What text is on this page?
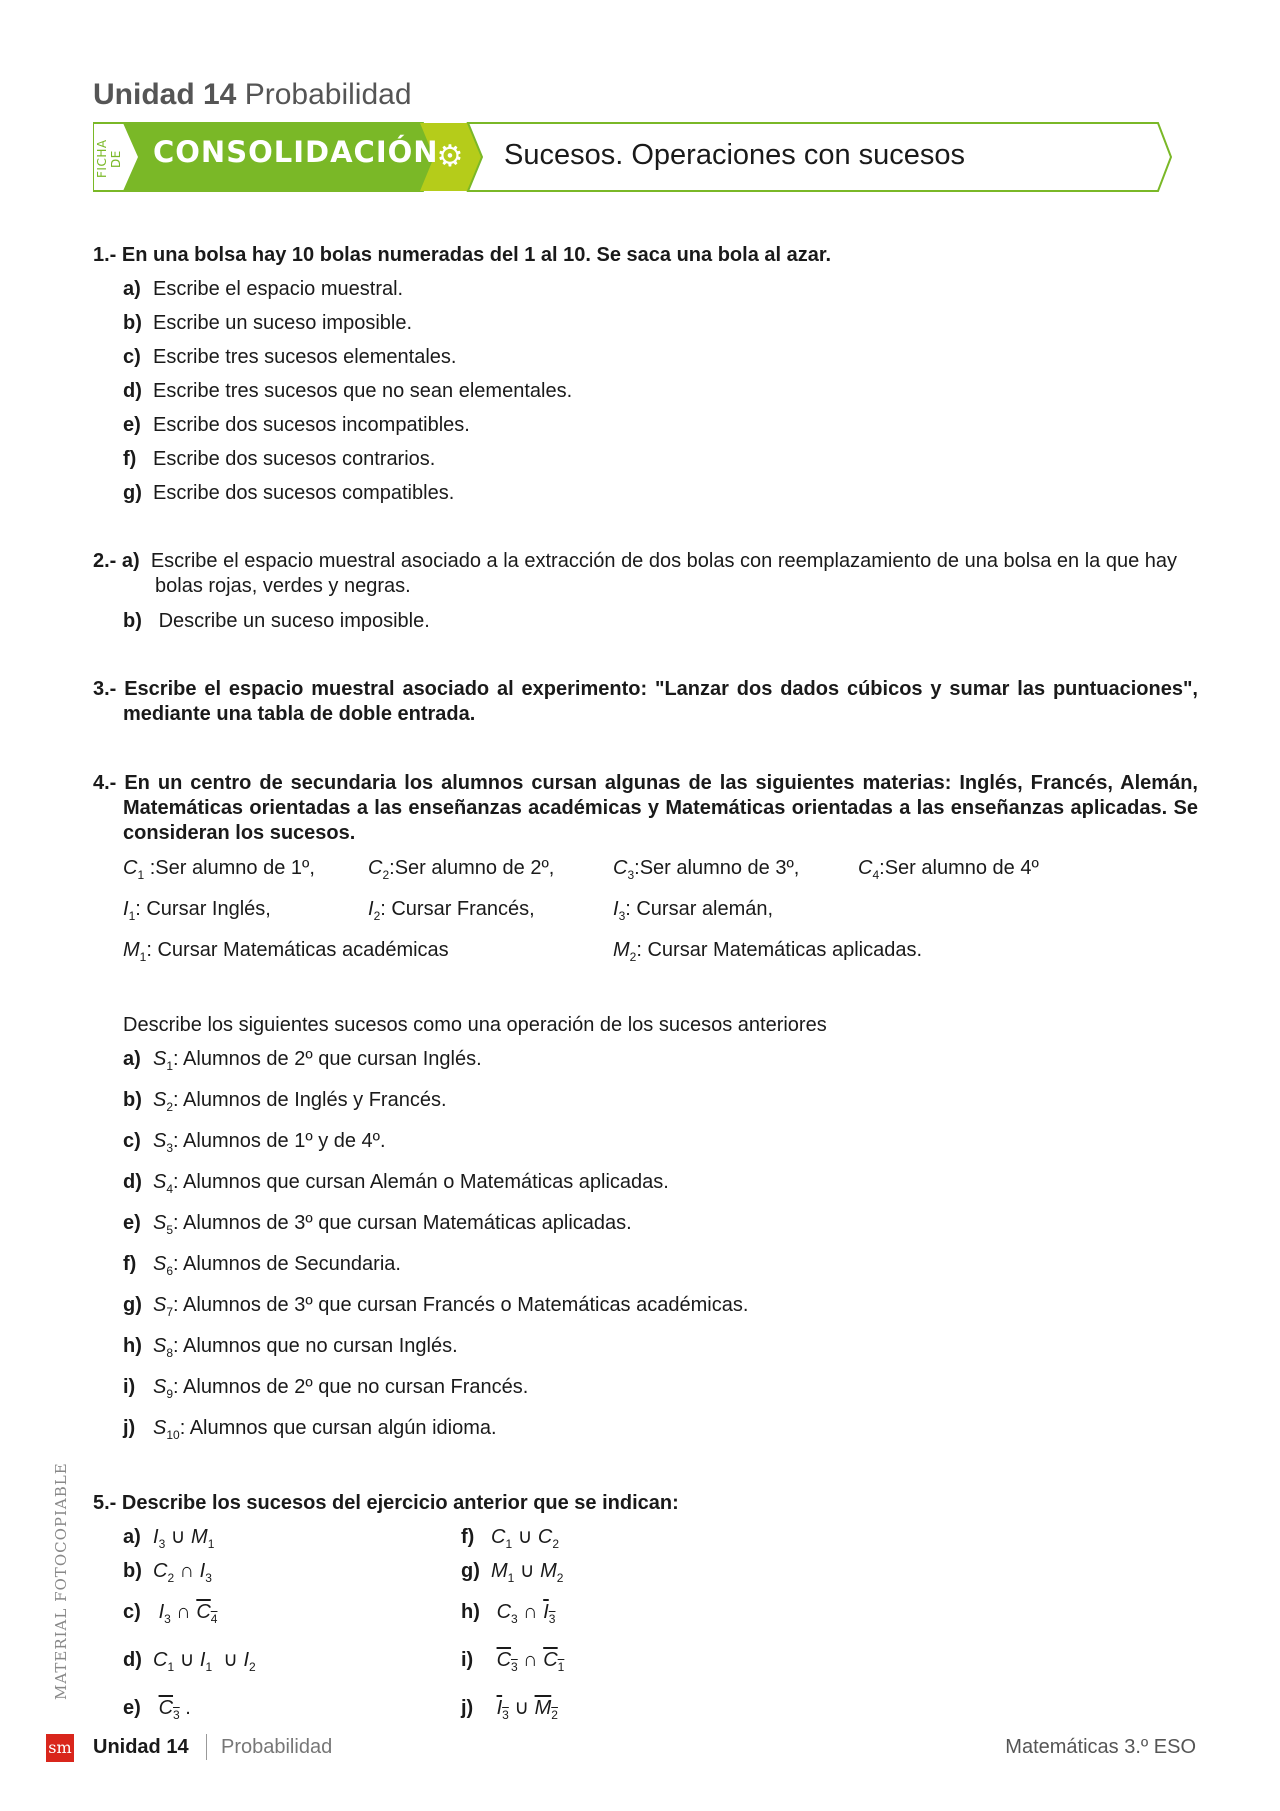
Unidad 14 Probabilidad
FICHA DE CONSOLIDACIÓN
⚙ Sucesos. Operaciones con sucesos
1.- En una bolsa hay 10 bolas numeradas del 1 al 10. Se saca una bola al azar.
a) Escribe el espacio muestral.
b) Escribe un suceso imposible.
c) Escribe tres sucesos elementales.
d) Escribe tres sucesos que no sean elementales.
e) Escribe dos sucesos incompatibles.
f) Escribe dos sucesos contrarios.
g) Escribe dos sucesos compatibles.
2.- a) Escribe el espacio muestral asociado a la extracción de dos bolas con reemplazamiento de una bolsa en la que hay bolas rojas, verdes y negras.
b) Describe un suceso imposible.
3.- Escribe el espacio muestral asociado al experimento: "Lanzar dos dados cúbicos y sumar las puntuaciones", mediante una tabla de doble entrada.
4.- En un centro de secundaria los alumnos cursan algunas de las siguientes materias: Inglés, Francés, Alemán, Matemáticas orientadas a las enseñanzas académicas y Matemáticas orientadas a las enseñanzas aplicadas. Se consideran los sucesos.
$C_1$ :Ser alumno de 1º,	$C_2:Ser$ alumno de 2º,	$C_3:Ser$ alumno de 3º,	$C_4:Ser$ alumno de 4º
$I_1$: Cursar Inglés,	$I_2$: Cursar Francés,	$I_3$: Cursar alemán,
$M_1$: Cursar Matemáticas académicas	$M_2$: Cursar Matemáticas aplicadas.
Describe los siguientes sucesos como una operación de los sucesos anteriores
a) $S_1$: Alumnos de 2º que cursan Inglés.
b) $S_2$: Alumnos de Inglés y Francés.
c) $S_3$: Alumnos de 1º y de 4º.
d) $S_4$: Alumnos que cursan Alemán o Matemáticas aplicadas.
e) $S_5$: Alumnos de 3º que cursan Matemáticas aplicadas.
f) $S_6$: Alumnos de Secundaria.
g) $S_7$: Alumnos de 3º que cursan Francés o Matemáticas académicas.
h) $S_8$: Alumnos que no cursan Inglés.
i) $S_9$: Alumnos de 2º que no cursan Francés.
j) $S_{10}$: Alumnos que cursan algún idioma.
5.- Describe los sucesos del ejercicio anterior que se indican:
a) $I_3$ ∪ $M_1$	f) $C_1$ ∪ $C_2$
b) $C_2$ ∩ $I_3$	g) $M_1$ ∪ $M_2$
c) $I_3$ ∩ $\overline{C}_4$	h) $C_3$ ∩ $\overline{I}_3$
d) $C_1$ ∪ $I_1$  ∪ $I_2$	i) $\overline{C}_3$ ∩ $\overline{C}_1$
e) $\overline{C}_3$ .	j) $\overline{I}_3$ ∪ $\overline{M}_2$
MATERIAL FOTOCOPIABLE
sm Unidad 14 Probabilidad	Matemáticas 3.º ESO
